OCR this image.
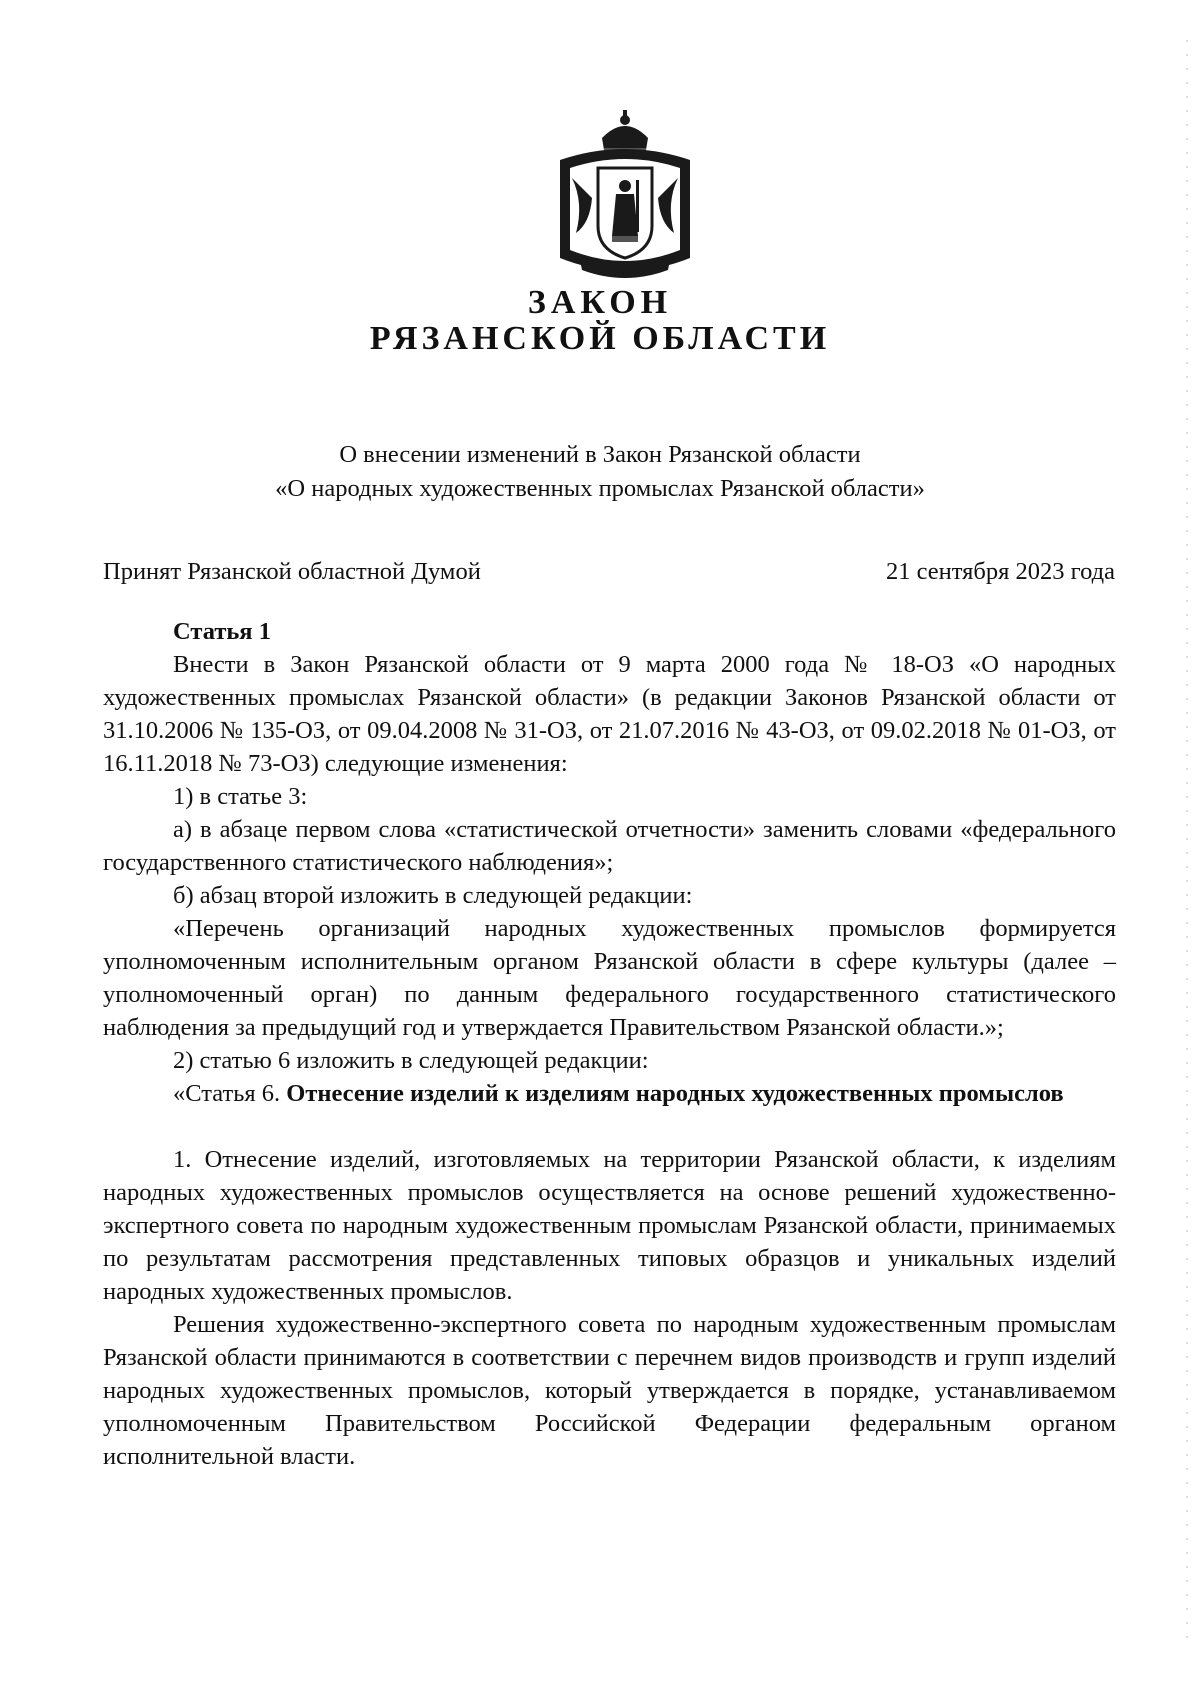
ЗАКОН
РЯЗАНСКОЙ ОБЛАСТИ
О внесении изменений в Закон Рязанской области
«О народных художественных промыслах Рязанской области»
Принят Рязанской областной Думой	21 сентября 2023 года

Статья 1

Внести в Закон Рязанской области от 9 марта 2000 года № 18-ОЗ «О народных художественных промыслах Рязанской области» (в редакции Законов Рязанской области от 31.10.2006 № 135-ОЗ, от 09.04.2008 № 31-ОЗ, от 21.07.2016 № 43-ОЗ, от 09.02.2018 № 01-ОЗ, от 16.11.2018 № 73-ОЗ) следующие изменения:

1) в статье 3:

а) в абзаце первом слова «статистической отчетности» заменить словами «федерального государственного статистического наблюдения»;

б) абзац второй изложить в следующей редакции:

«Перечень организаций народных художественных промыслов формируется уполномоченным исполнительным органом Рязанской области в сфере культуры (далее – уполномоченный орган) по данным федерального государственного статистического наблюдения за предыдущий год и утверждается Правительством Рязанской области.»;

2) статью 6 изложить в следующей редакции:

«Статья 6. Отнесение изделий к изделиям народных художественных промыслов

1. Отнесение изделий, изготовляемых на территории Рязанской области, к изделиям народных художественных промыслов осуществляется на основе решений художественно-экспертного совета по народным художественным промыслам Рязанской области, принимаемых по результатам рассмотрения представленных типовых образцов и уникальных изделий народных художественных промыслов.

Решения художественно-экспертного совета по народным художественным промыслам Рязанской области принимаются в соответствии с перечнем видов производств и групп изделий народных художественных промыслов, который утверждается в порядке, устанавливаемом уполномоченным Правительством Российской Федерации федеральным органом исполнительной власти.
